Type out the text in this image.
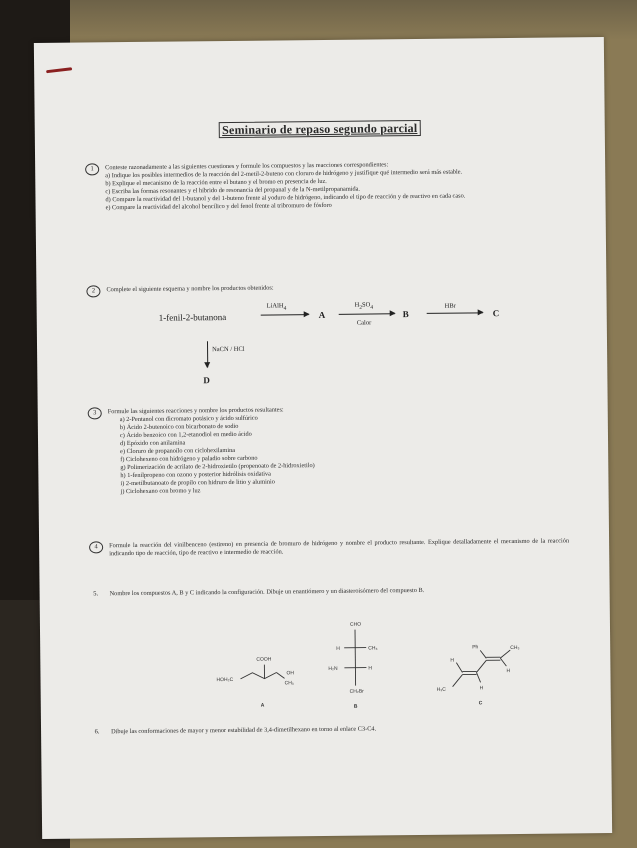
Seminario de repaso segundo parcial
1	Conteste razonadamente a las siguientes cuestiones y formule los compuestos y las reacciones correspondientes:

a) Indique los posibles intermedios de la reacción del 2-metil-2-buteno con cloruro de hidrógeno y justifique qué intermedio será más estable.

b) Explique el mecanismo de la reacción entre el butano y el bromo en presencia de luz.

c) Escriba las formas resonantes y el híbrido de resonancia del propanal y de la N-metilpropanamida.

d) Compare la reactividad del 1-butanol y del 1-buteno frente al yoduro de hidrógeno, indicando el tipo de reacción y de reactivo en cada caso.

e) Compare la reactividad del alcohol bencílico y del fenol frente al tribromuro de fósforo

2	Complete el siguiente esquema y nombre los productos obtenidos:

1-fenil-2-butanona
LiAlH$_4$
A
$H_2SO_4$
Calor
B
HBr
C
NaCN / HCl
D
3	Formule las siguientes reacciones y nombre los productos resultantes:

a) 2-Pentanol con dicromato potásico y ácido sulfúrico

b) Ácido 2-butenoico con bicarbonato de sodio

c) Ácido benzoico con 1,2-etanodiol en medio ácido

d) Epóxido con anilamina

e) Cloruro de propanoílo con ciclohexilamina

f) Ciclohexeno con hidrógeno y paladio sobre carbono

g) Polimerización de acrilato de 2-hidroxietilo (propenoato de 2-hidroxietilo)

h) 1-fenilpropeno con ozono y posterior hidrólisis oxidativa

i) 2-metilbutanoato de propilo con hidruro de litio y aluminio

j) Ciclohexano con bromo y luz

4	Formule la reacción del vinilbenceno (estireno) en presencia de bromuro de hidrógeno y nombre el producto resultante. Explique detalladamente el mecanismo de la reacción indicando tipo de reacción, tipo de reactivo e intermedio de reacción.

5.	Nombre los compuestos A, B y C indicando la configuración. Dibuje un enantiómero y un diasteroisómero del compuesto B.

COOH
HOH₂C
OH
CH₃
A
CHO
H	CH₃
H₂N	H
CH₂Br
B
Ph	CH₃
H
H
H₃C	H
C
6.	Dibuje las conformaciones de mayor y menor estabilidad de 3,4-dimetilhexano en torno al enlace C3-C4.
